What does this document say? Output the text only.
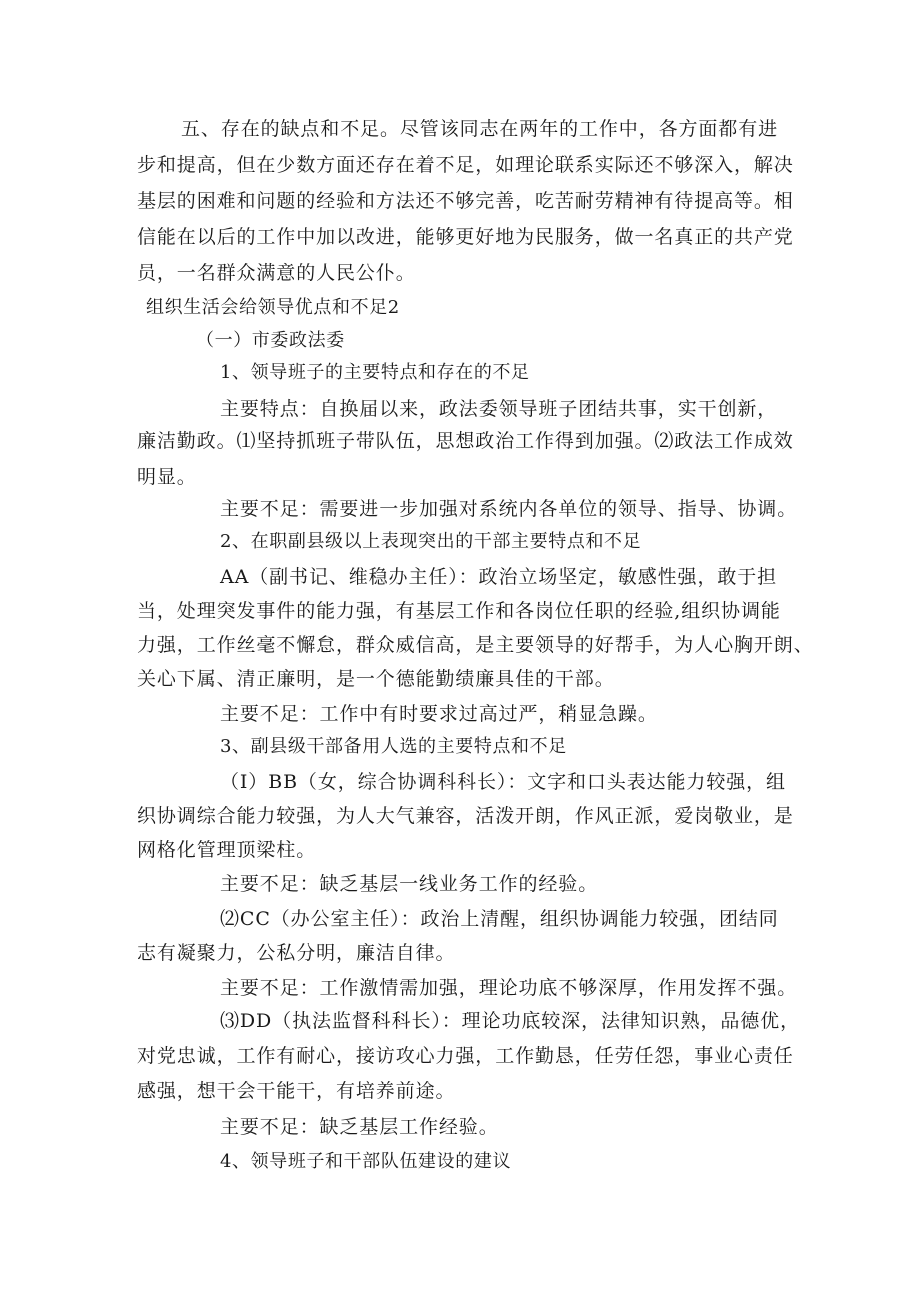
五、存在的缺点和不足。尽管该同志在两年的工作中，各方面都有进
步和提高，但在少数方面还存在着不足，如理论联系实际还不够深入，解决
基层的困难和问题的经验和方法还不够完善，吃苦耐劳精神有待提高等。相
信能在以后的工作中加以改进，能够更好地为民服务，做一名真正的共产党
员，一名群众满意的人民公仆。
组织生活会给领导优点和不足2
（一）市委政法委
1、领导班子的主要特点和存在的不足
主要特点：自换届以来，政法委领导班子团结共事，实干创新，
廉洁勤政。⑴坚持抓班子带队伍，思想政治工作得到加强。⑵政法工作成效
明显。
主要不足：需要进一步加强对系统内各单位的领导、指导、协调。
2、在职副县级以上表现突出的干部主要特点和不足
AA（副书记、维稳办主任）：政治立场坚定，敏感性强，敢于担
当，处理突发事件的能力强，有基层工作和各岗位任职的经验,组织协调能
力强，工作丝毫不懈怠，群众威信高，是主要领导的好帮手，为人心胸开朗、
关心下属、清正廉明，是一个德能勤绩廉具佳的干部。
主要不足：工作中有时要求过高过严，稍显急躁。
3、副县级干部备用人选的主要特点和不足
（I）BB（女，综合协调科科长）：文字和口头表达能力较强，组
织协调综合能力较强，为人大气兼容，活泼开朗，作风正派，爱岗敬业，是
网格化管理顶梁柱。
主要不足：缺乏基层一线业务工作的经验。
⑵CC（办公室主任）：政治上清醒，组织协调能力较强，团结同
志有凝聚力，公私分明，廉洁自律。
主要不足：工作激情需加强，理论功底不够深厚，作用发挥不强。
⑶DD（执法监督科科长）：理论功底较深，法律知识熟，品德优，
对党忠诚，工作有耐心，接访攻心力强，工作勤恳，任劳任怨，事业心责任
感强，想干会干能干，有培养前途。
主要不足：缺乏基层工作经验。
4、领导班子和干部队伍建设的建议
